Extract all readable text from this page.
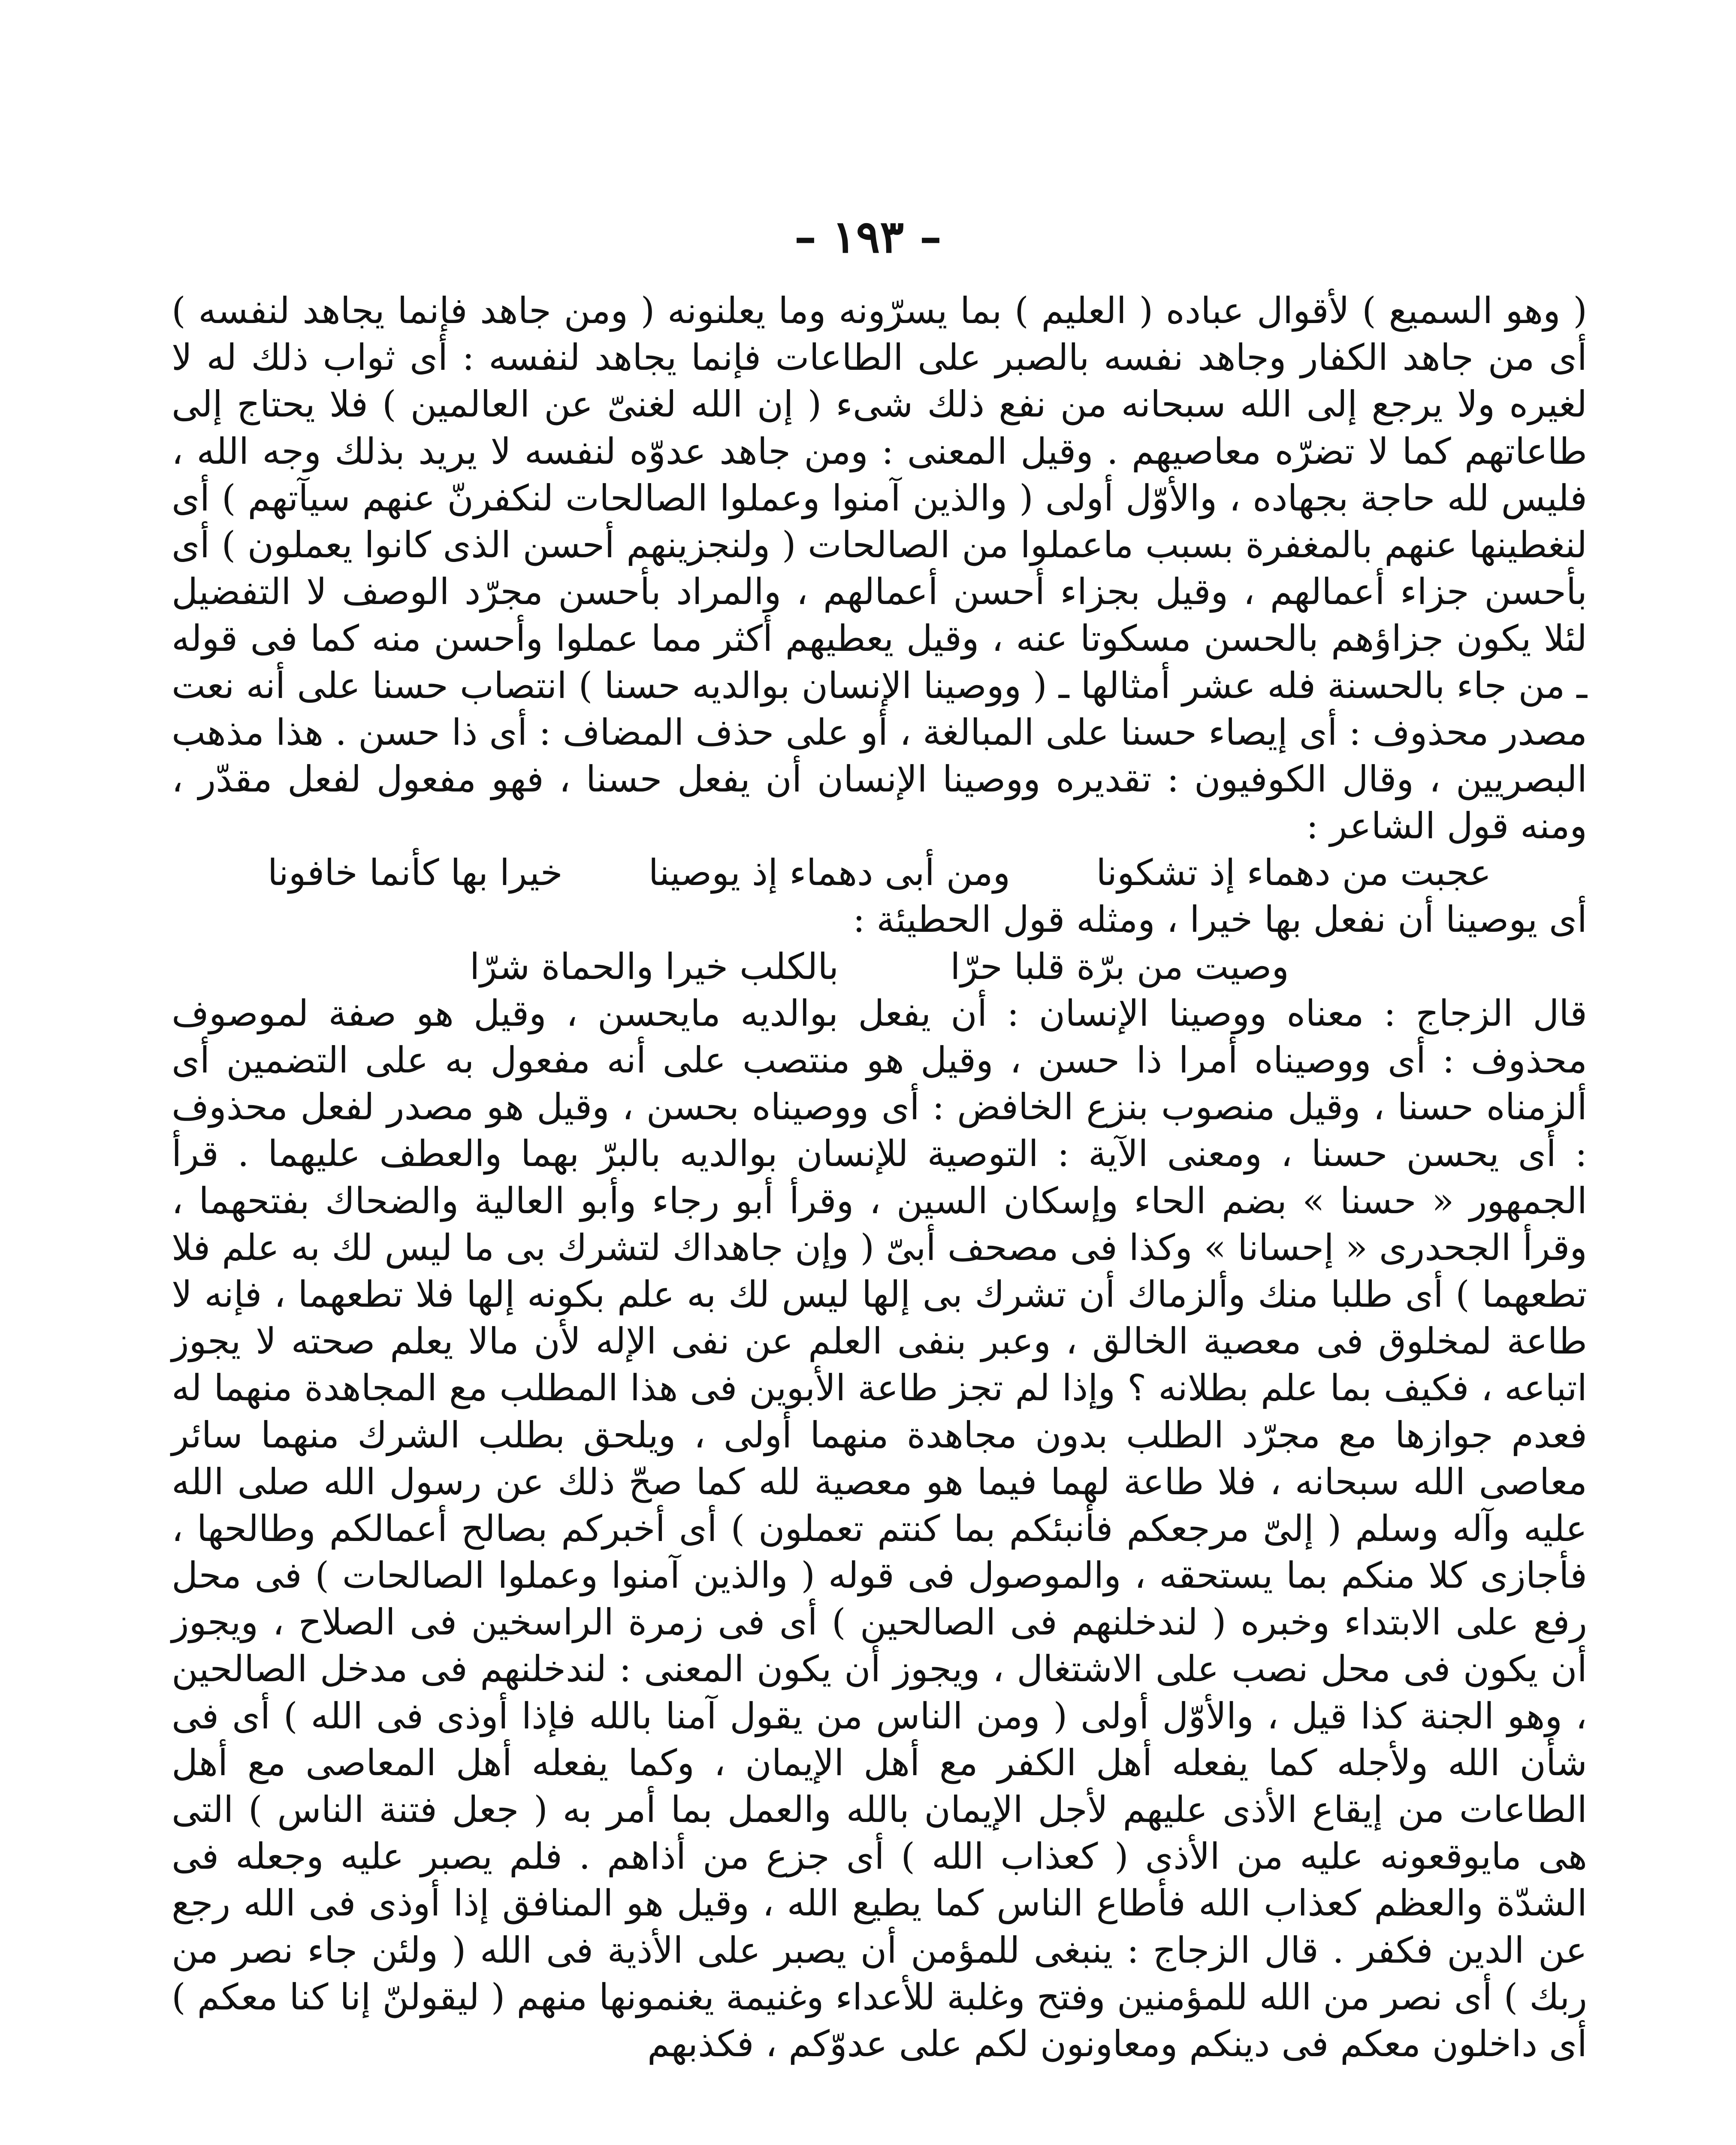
– ١٩٣ –

( وهو السميع ) لأقوال عباده ( العليم ) بما يسرّونه وما يعلنونه ( ومن جاهد فإنما يجاهد لنفسه ) أى من جاهد الكفار وجاهد نفسه بالصبر على الطاعات فإنما يجاهد لنفسه : أى ثواب ذلك له لا لغيره ولا يرجع إلى الله سبحانه من نفع ذلك شىء ( إن الله لغنىّ عن العالمين ) فلا يحتاج إلى طاعاتهم كما لا تضرّه معاصيهم . وقيل المعنى : ومن جاهد عدوّه لنفسه لا يريد بذلك وجه الله ، فليس لله حاجة بجهاده ، والأوّل أولى ( والذين آمنوا وعملوا الصالحات لنكفرنّ عنهم سيآتهم ) أى لنغطينها عنهم بالمغفرة بسبب ماعملوا من الصالحات ( ولنجزينهم أحسن الذى كانوا يعملون ) أى بأحسن جزاء أعمالهم ، وقيل بجزاء أحسن أعمالهم ، والمراد بأحسن مجرّد الوصف لا التفضيل لئلا يكون جزاؤهم بالحسن مسكوتا عنه ، وقيل يعطيهم أكثر مما عملوا وأحسن منه كما فى قوله ـ من جاء بالحسنة فله عشر أمثالها ـ ( ووصينا الإنسان بوالديه حسنا ) انتصاب حسنا على أنه نعت مصدر محذوف : أى إيصاء حسنا على المبالغة ، أو على حذف المضاف : أى ذا حسن . هذا مذهب البصريين ، وقال الكوفيون : تقديره ووصينا الإنسان أن يفعل حسنا ، فهو مفعول لفعل مقدّر ، ومنه قول الشاعر :

عجبت من دهماء إذ تشكونا
ومن أبى دهماء إذ يوصينا
خيرا بها كأنما خافونا

أى يوصينا أن نفعل بها خيرا ، ومثله قول الحطيئة :

وصيت من برّة قلبا حرّا
بالكلب خيرا والحماة شرّا

قال الزجاج : معناه ووصينا الإنسان : أن يفعل بوالديه مايحسن ، وقيل هو صفة لموصوف محذوف : أى ووصيناه أمرا ذا حسن ، وقيل هو منتصب على أنه مفعول به على التضمين أى ألزمناه حسنا ، وقيل منصوب بنزع الخافض : أى ووصيناه بحسن ، وقيل هو مصدر لفعل محذوف : أى يحسن حسنا ، ومعنى الآية : التوصية للإنسان بوالديه بالبرّ بهما والعطف عليهما . قرأ الجمهور « حسنا » بضم الحاء وإسكان السين ، وقرأ أبو رجاء وأبو العالية والضحاك بفتحهما ، وقرأ الجحدرى « إحسانا » وكذا فى مصحف أبىّ ( وإن جاهداك لتشرك بى ما ليس لك به علم فلا تطعهما ) أى طلبا منك وألزماك أن تشرك بى إلها ليس لك به علم بكونه إلها فلا تطعهما ، فإنه لا طاعة لمخلوق فى معصية الخالق ، وعبر بنفى العلم عن نفى الإله لأن مالا يعلم صحته لا يجوز اتباعه ، فكيف بما علم بطلانه ؟ وإذا لم تجز طاعة الأبوين فى هذا المطلب مع المجاهدة منهما له فعدم جوازها مع مجرّد الطلب بدون مجاهدة منهما أولى ، ويلحق بطلب الشرك منهما سائر معاصى الله سبحانه ، فلا طاعة لهما فيما هو معصية لله كما صحّ ذلك عن رسول الله صلى الله عليه وآله وسلم ( إلىّ مرجعكم فأنبئكم بما كنتم تعملون ) أى أخبركم بصالح أعمالكم وطالحها ، فأجازى كلا منكم بما يستحقه ، والموصول فى قوله ( والذين آمنوا وعملوا الصالحات ) فى محل رفع على الابتداء وخبره ( لندخلنهم فى الصالحين ) أى فى زمرة الراسخين فى الصلاح ، ويجوز أن يكون فى محل نصب على الاشتغال ، ويجوز أن يكون المعنى : لندخلنهم فى مدخل الصالحين ، وهو الجنة كذا قيل ، والأوّل أولى ( ومن الناس من يقول آمنا بالله فإذا أوذى فى الله ) أى فى شأن الله ولأجله كما يفعله أهل الكفر مع أهل الإيمان ، وكما يفعله أهل المعاصى مع أهل الطاعات من إيقاع الأذى عليهم لأجل الإيمان بالله والعمل بما أمر به ( جعل فتنة الناس ) التى هى مايوقعونه عليه من الأذى ( كعذاب الله ) أى جزع من أذاهم . فلم يصبر عليه وجعله فى الشدّة والعظم كعذاب الله فأطاع الناس كما يطيع الله ، وقيل هو المنافق إذا أوذى فى الله رجع عن الدين فكفر . قال الزجاج : ينبغى للمؤمن أن يصبر على الأذية فى الله ( ولئن جاء نصر من ربك ) أى نصر من الله للمؤمنين وفتح وغلبة للأعداء وغنيمة يغنمونها منهم ( ليقولنّ إنا كنا معكم ) أى داخلون معكم فى دينكم ومعاونون لكم على عدوّكم ، فكذبهم
